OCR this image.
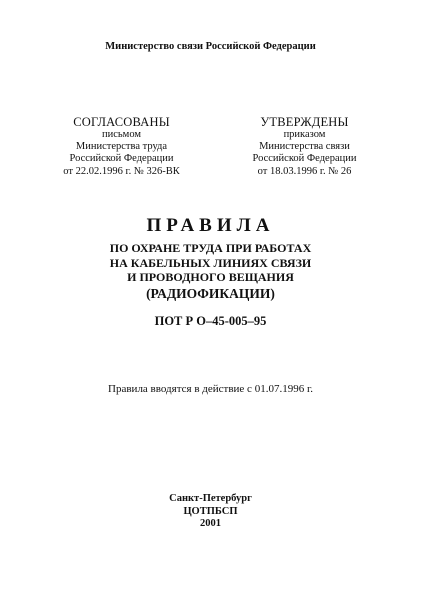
Министерство связи Российской Федерации
СОГЛАСОВАНЫ
письмом
Министерства труда
Российской Федерации
от 22.02.1996 г. № 326-ВК
УТВЕРЖДЕНЫ
приказом
Министерства связи
Российской Федерации
от 18.03.1996 г. № 26
ПРАВИЛА
ПО ОХРАНЕ ТРУДА ПРИ РАБОТАХ
НА КАБЕЛЬНЫХ ЛИНИЯХ СВЯЗИ
И ПРОВОДНОГО ВЕЩАНИЯ
(РАДИОФИКАЦИИ)
ПОТ Р О–45-005–95
Правила вводятся в действие с 01.07.1996 г.
Санкт-Петербург
ЦОТПБСП
2001
